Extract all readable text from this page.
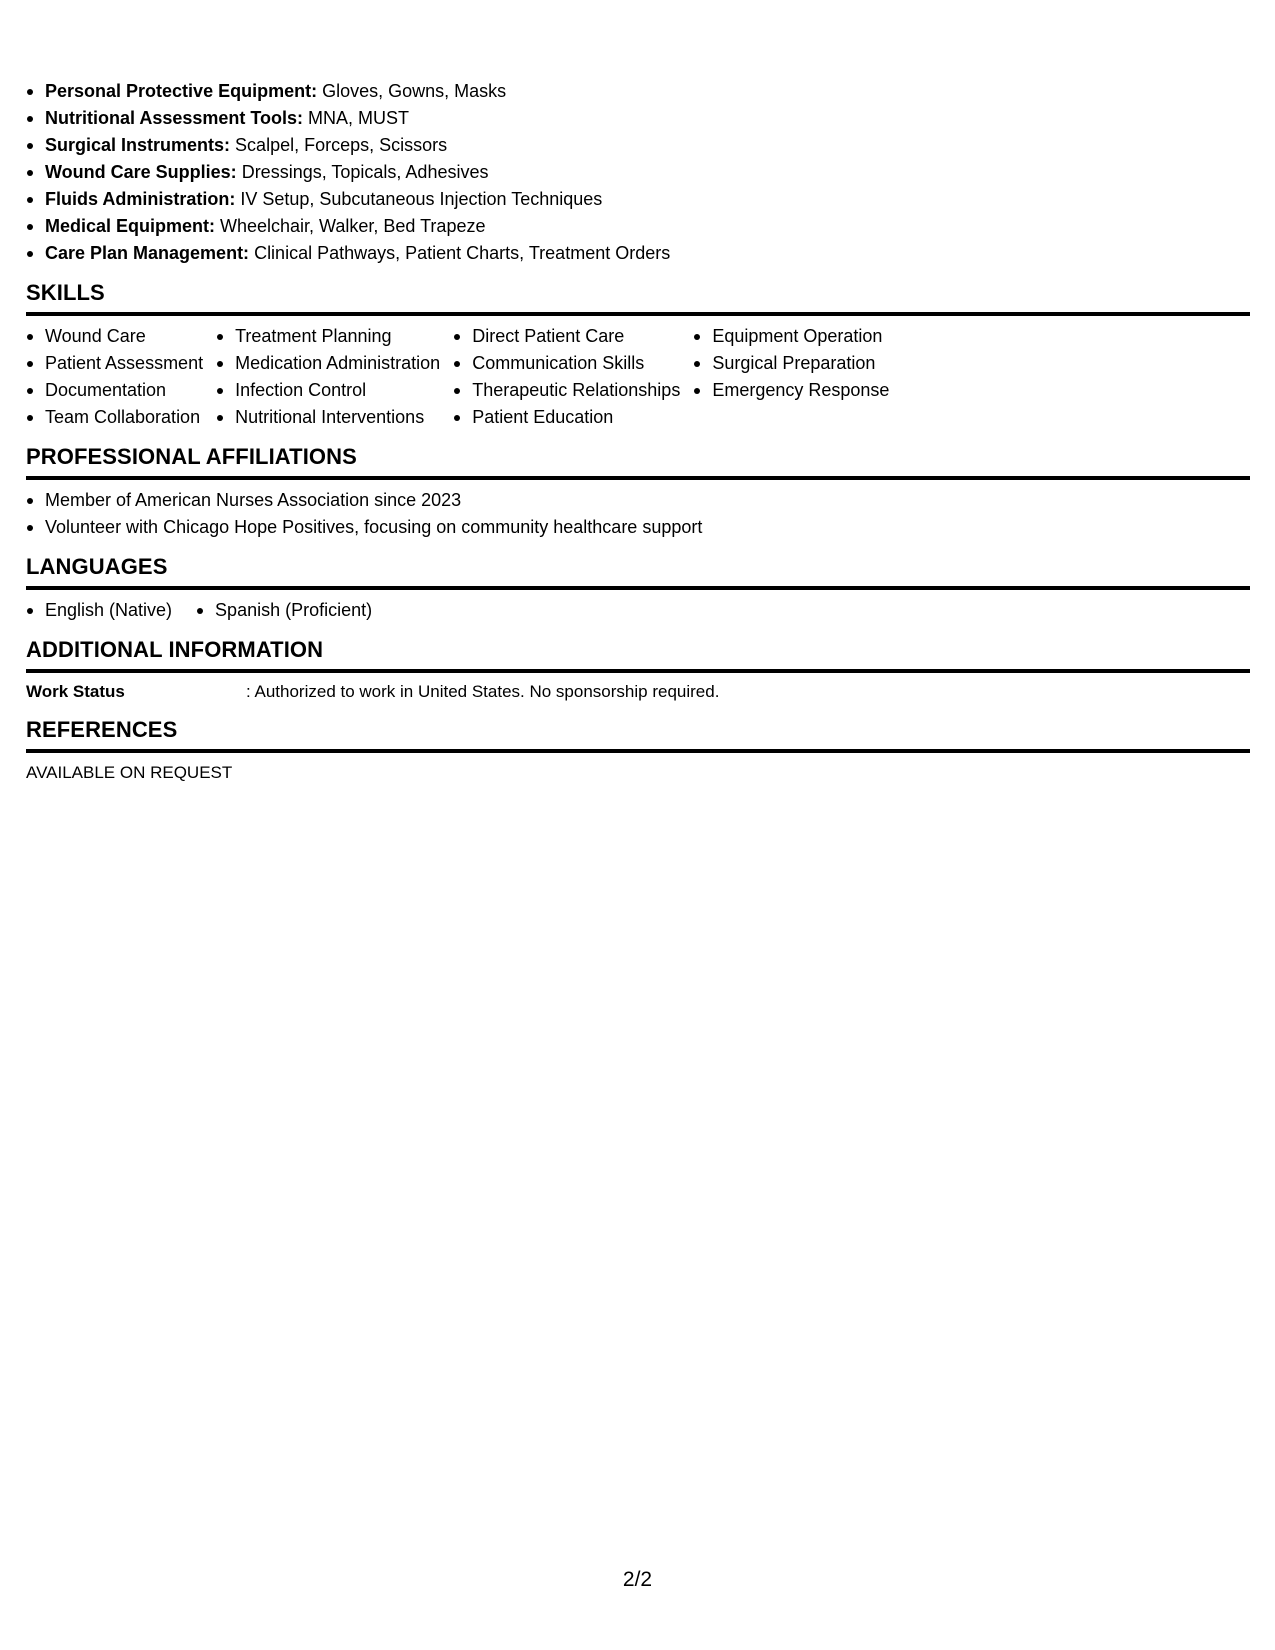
Personal Protective Equipment: Gloves, Gowns, Masks
Nutritional Assessment Tools: MNA, MUST
Surgical Instruments: Scalpel, Forceps, Scissors
Wound Care Supplies: Dressings, Topicals, Adhesives
Fluids Administration: IV Setup, Subcutaneous Injection Techniques
Medical Equipment: Wheelchair, Walker, Bed Trapeze
Care Plan Management: Clinical Pathways, Patient Charts, Treatment Orders
SKILLS
Wound Care
Patient Assessment
Documentation
Team Collaboration
Treatment Planning
Medication Administration
Infection Control
Nutritional Interventions
Direct Patient Care
Communication Skills
Therapeutic Relationships
Patient Education
Equipment Operation
Surgical Preparation
Emergency Response
PROFESSIONAL AFFILIATIONS
Member of American Nurses Association since 2023
Volunteer with Chicago Hope Positives, focusing on community healthcare support
LANGUAGES
English (Native)	Spanish (Proficient)
ADDITIONAL INFORMATION
Work Status	: Authorized to work in United States. No sponsorship required.
REFERENCES
AVAILABLE ON REQUEST
2/2
